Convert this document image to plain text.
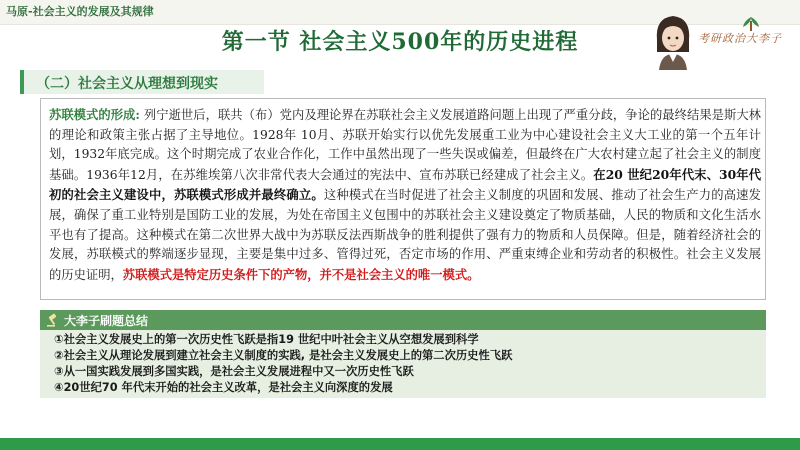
马原-社会主义的发展及其规律
第一节 社会主义500年的历史进程	考研政治大李子
（二）社会主义从理想到现实
苏联模式的形成: 列宁逝世后，联共（布）党内及理论界在苏联社会主义发展道路问题上出现了严重分歧，争论的最终结果是斯大林的理论和政策主张占据了主导地位。1928年 10月、苏联开始实行以优先发展重工业为中心建设社会主义大工业的第一个五年计划，1932年底完成。这个时期完成了农业合作化，工作中虽然出现了一些失误或偏差，但最终在广大农村建立起了社会主义的制度基础。1936年12月，在苏维埃第八次非常代表大会通过的宪法中、宣布苏联已经建成了社会主义。在20 世纪20年代末、30年代初的社会主义建设中，苏联模式形成并最终确立。这种模式在当时促进了社会主义制度的巩固和发展、推动了社会生产力的高速发展，确保了重工业特别是国防工业的发展，为处在帝国主义包围中的苏联社会主义建设奠定了物质基础，人民的物质和文化生活水平也有了提高。这种模式在第二次世界大战中为苏联反法西斯战争的胜利提供了强有力的物质和人员保障。但是，随着经济社会的发展，苏联模式的弊端逐步显现，主要是集中过多、管得过死，否定市场的作用、严重束缚企业和劳动者的积极性。社会主义发展的历史证明，苏联模式是特定历史条件下的产物，并不是社会主义的唯一模式。
大李子刷题总结
①社会主义发展史上的第一次历史性飞跃是指19 世纪中叶社会主义从空想发展到科学
②社会主义从理论发展到建立社会主义制度的实践, 是社会主义发展史上的第二次历史性飞跃
③从一国实践发展到多国实践，是社会主义发展进程中又一次历史性飞跃
④20世纪70 年代末开始的社会主义改革，是社会主义向深度的发展
